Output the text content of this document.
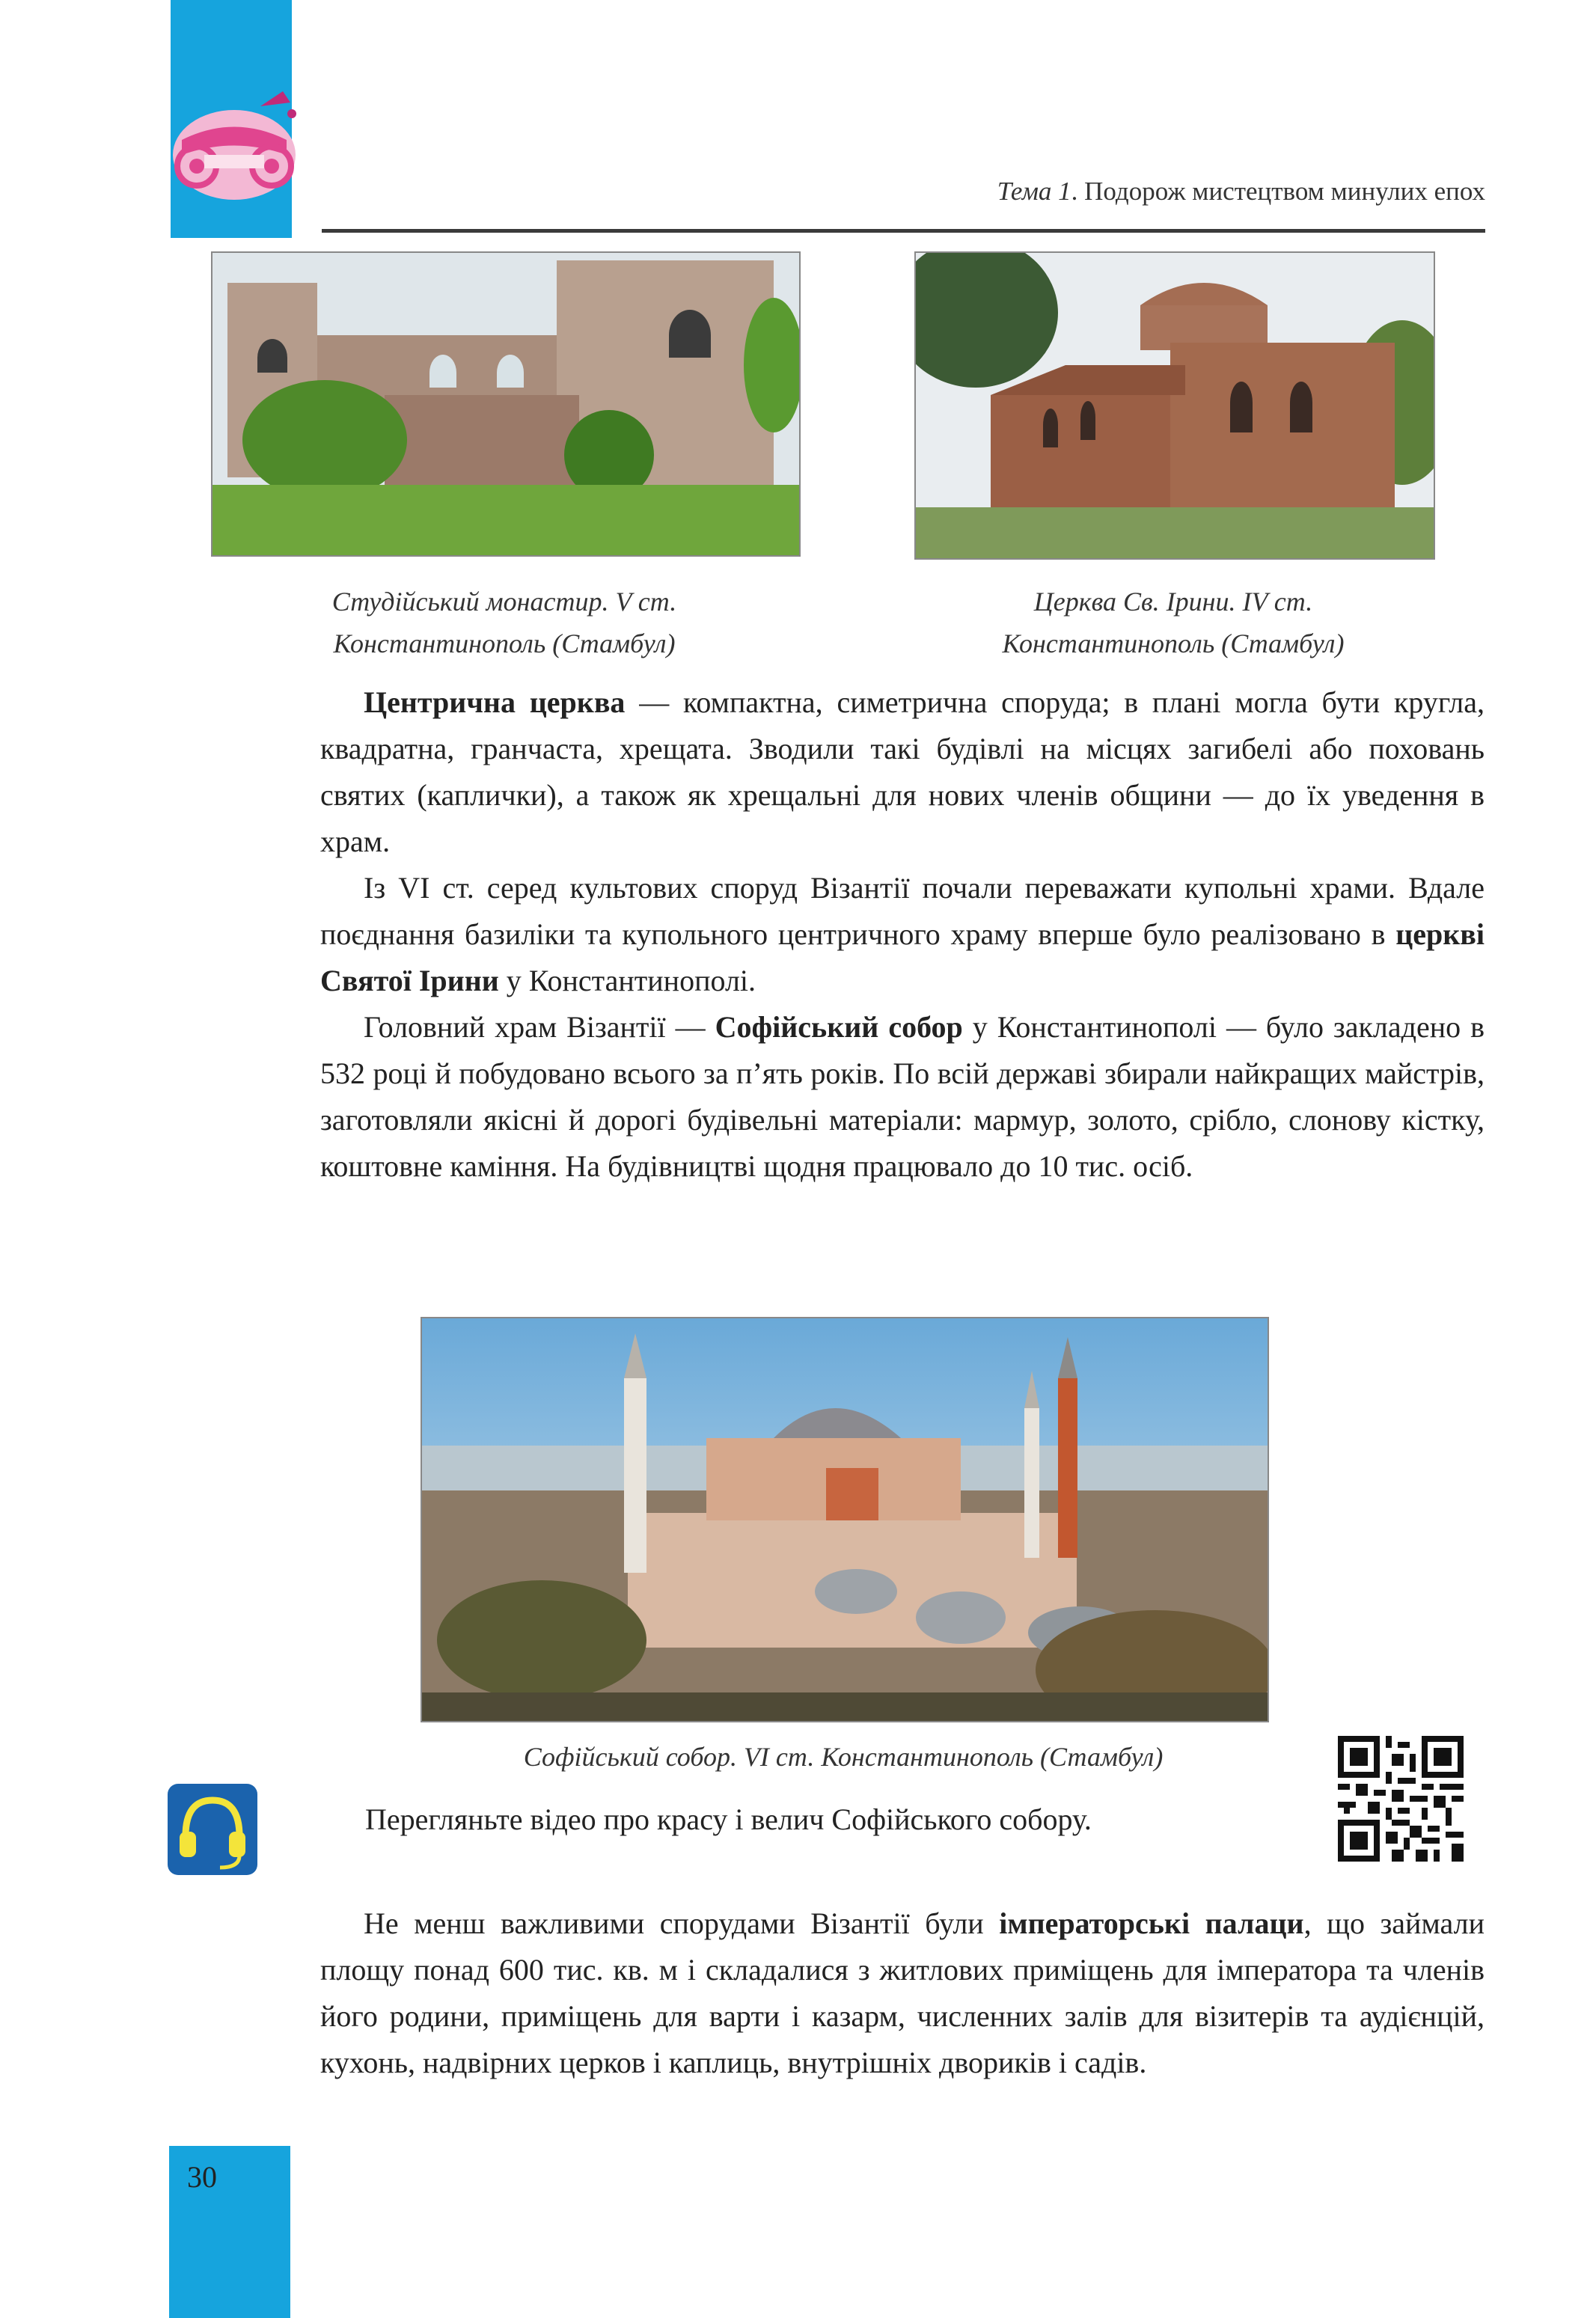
Тема 1. Подорож мистецтвом минулих епох
Студійський монастир. V ст.
Константинополь (Стамбул)
Церква Св. Ірини. IV ст.
Константинополь (Стамбул)

Центрична церква — компактна, симетрична споруда; в плані могла бути кругла, квадратна, гранчаста, хрещата. Зводили такі будівлі на місцях загибелі або поховань святих (каплички), а також як хрещальні для нових членів общини — до їх уведення в храм.

Із VI ст. серед культових споруд Візантії почали переважати купольні храми. Вдале поєднання базиліки та купольного центричного храму вперше було реалізовано в церкві Святої Ірини у Константинополі.

Головний храм Візантії — Софійський собор у Константинополі — було закладено в 532 році й побудовано всього за п’ять років. По всій державі збирали найкращих майстрів, заготовляли якісні й дорогі будівельні матеріали: мармур, золото, срібло, слонову кістку, коштовне каміння. На будівництві щодня працювало до 10 тис. осіб.

Софійський собор. VI ст. Константинополь (Стамбул)
Перегляньте відео про красу і велич Софійського собору.

Не менш важливими спорудами Візантії були імператорські палаци, що займали площу понад 600 тис. кв. м і складалися з житлових приміщень для імператора та членів його родини, приміщень для варти і казарм, численних залів для візитерів та аудієнцій, кухонь, надвірних церков і каплиць, внутрішніх двориків і садів.

30
